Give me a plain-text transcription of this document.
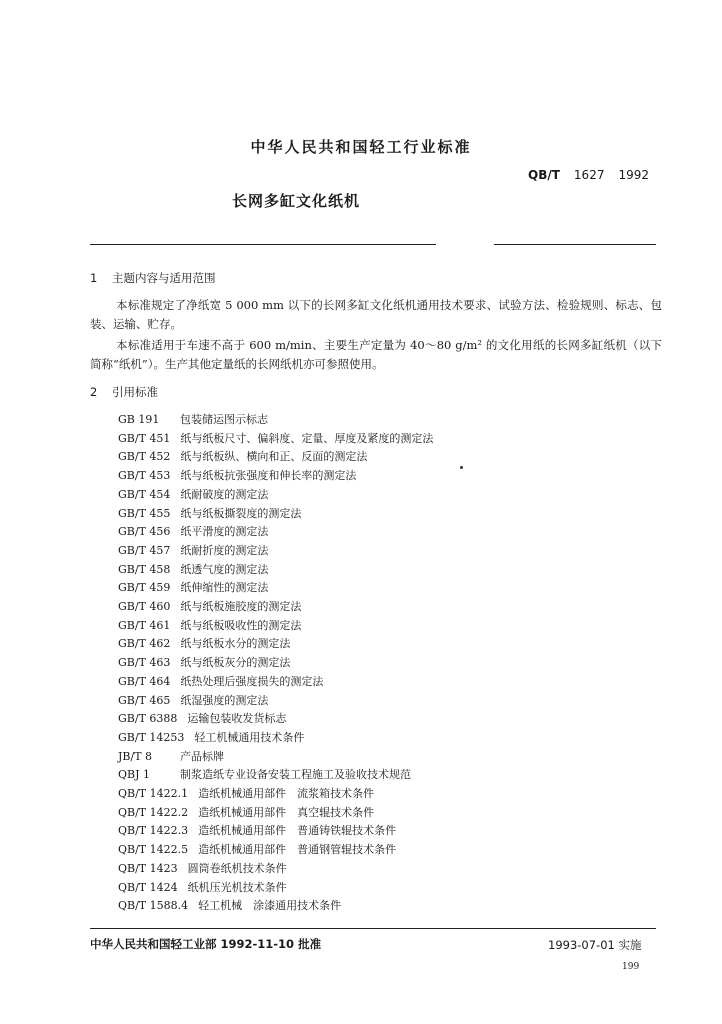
中华人民共和国轻工行业标准
QB/T 1627 1992
长网多缸文化纸机
1 主题内容与适用范围
本标准规定了净纸宽 5 000 mm 以下的长网多缸文化纸机通用技术要求、试验方法、检验规则、标志、包装、运输、贮存。
本标准适用于车速不高于 600 m/min、主要生产定量为 40～80 g/m² 的文化用纸的长网多缸纸机（以下简称“纸机”）。生产其他定量纸的长网纸机亦可参照使用。
2 引用标准
GB 191 包装储运图示标志
GB/T 451 纸与纸板尺寸、偏斜度、定量、厚度及紧度的测定法
GB/T 452 纸与纸板纵、横向和正、反面的测定法
GB/T 453 纸与纸板抗张强度和伸长率的测定法
GB/T 454 纸耐破度的测定法
GB/T 455 纸与纸板撕裂度的测定法
GB/T 456 纸平滑度的测定法
GB/T 457 纸耐折度的测定法
GB/T 458 纸透气度的测定法
GB/T 459 纸伸缩性的测定法
GB/T 460 纸与纸板施胶度的测定法
GB/T 461 纸与纸板吸收性的测定法
GB/T 462 纸与纸板水分的测定法
GB/T 463 纸与纸板灰分的测定法
GB/T 464 纸热处理后强度损失的测定法
GB/T 465 纸湿强度的测定法
GB/T 6388 运输包装收发货标志
GB/T 14253 轻工机械通用技术条件
JB/T 8	产品标牌
QBJ 1	制浆造纸专业设备安装工程施工及验收技术规范
QB/T 1422.1 造纸机械通用部件　流浆箱技术条件
QB/T 1422.2 造纸机械通用部件　真空辊技术条件
QB/T 1422.3 造纸机械通用部件　普通铸铁辊技术条件
QB/T 1422.5 造纸机械通用部件　普通钢管辊技术条件
QB/T 1423 圆筒卷纸机技术条件
QB/T 1424 纸机压光机技术条件
QB/T 1588.4 轻工机械　涂漆通用技术条件
中华人民共和国轻工业部 1992-11-10 批准	1993-07-01 实施
199
